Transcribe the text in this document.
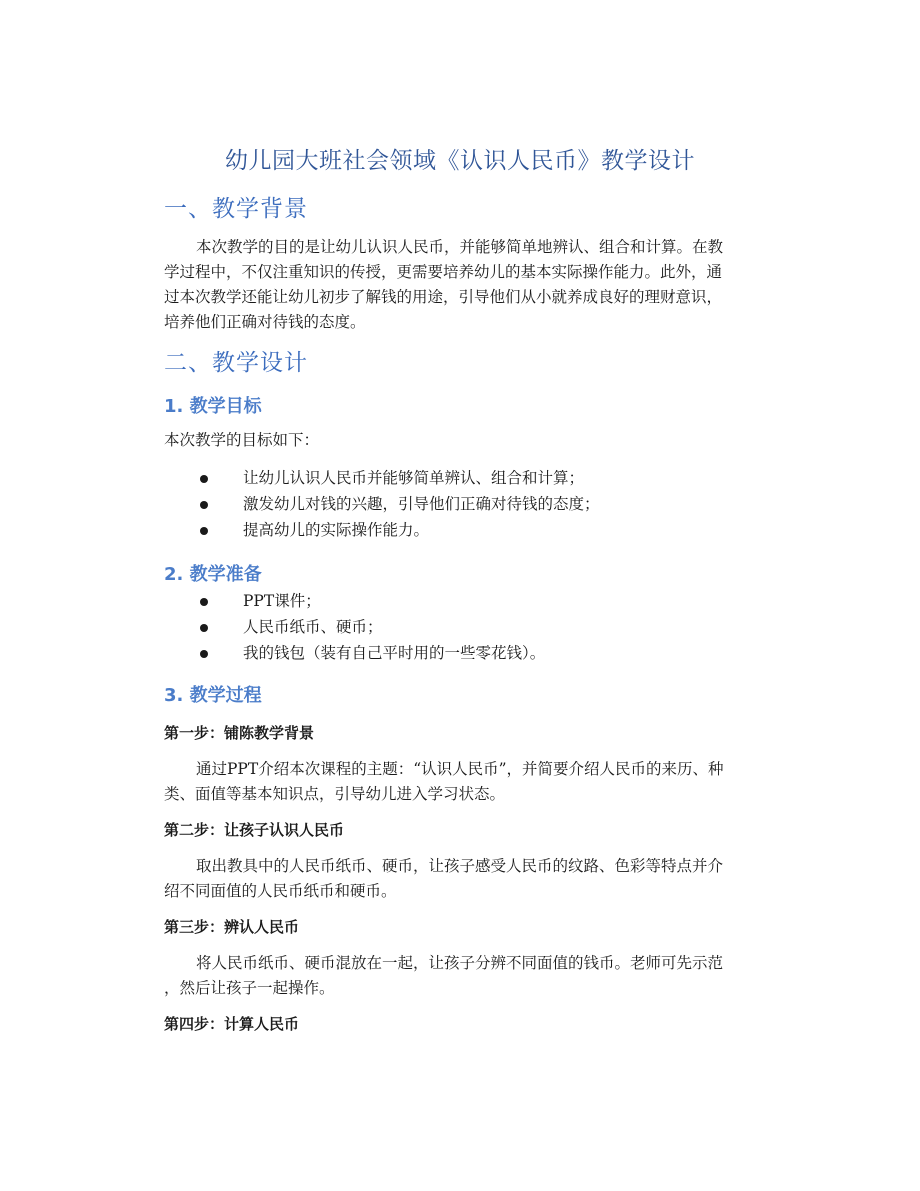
幼儿园大班社会领域《认识人民币》教学设计
一、教学背景
本次教学的目的是让幼儿认识人民币，并能够简单地辨认、组合和计算。在教
学过程中，不仅注重知识的传授，更需要培养幼儿的基本实际操作能力。此外，通
过本次教学还能让幼儿初步了解钱的用途，引导他们从小就养成良好的理财意识，
培养他们正确对待钱的态度。
二、教学设计
1. 教学目标
本次教学的目标如下：
让幼儿认识人民币并能够简单辨认、组合和计算；
激发幼儿对钱的兴趣，引导他们正确对待钱的态度；
提高幼儿的实际操作能力。
2. 教学准备
PPT课件；
人民币纸币、硬币；
我的钱包（装有自己平时用的一些零花钱）。
3. 教学过程
第一步：铺陈教学背景
通过PPT介绍本次课程的主题：“认识人民币”，并简要介绍人民币的来历、种
类、面值等基本知识点，引导幼儿进入学习状态。
第二步：让孩子认识人民币
取出教具中的人民币纸币、硬币，让孩子感受人民币的纹路、色彩等特点并介
绍不同面值的人民币纸币和硬币。
第三步：辨认人民币
将人民币纸币、硬币混放在一起，让孩子分辨不同面值的钱币。老师可先示范
，然后让孩子一起操作。
第四步：计算人民币
